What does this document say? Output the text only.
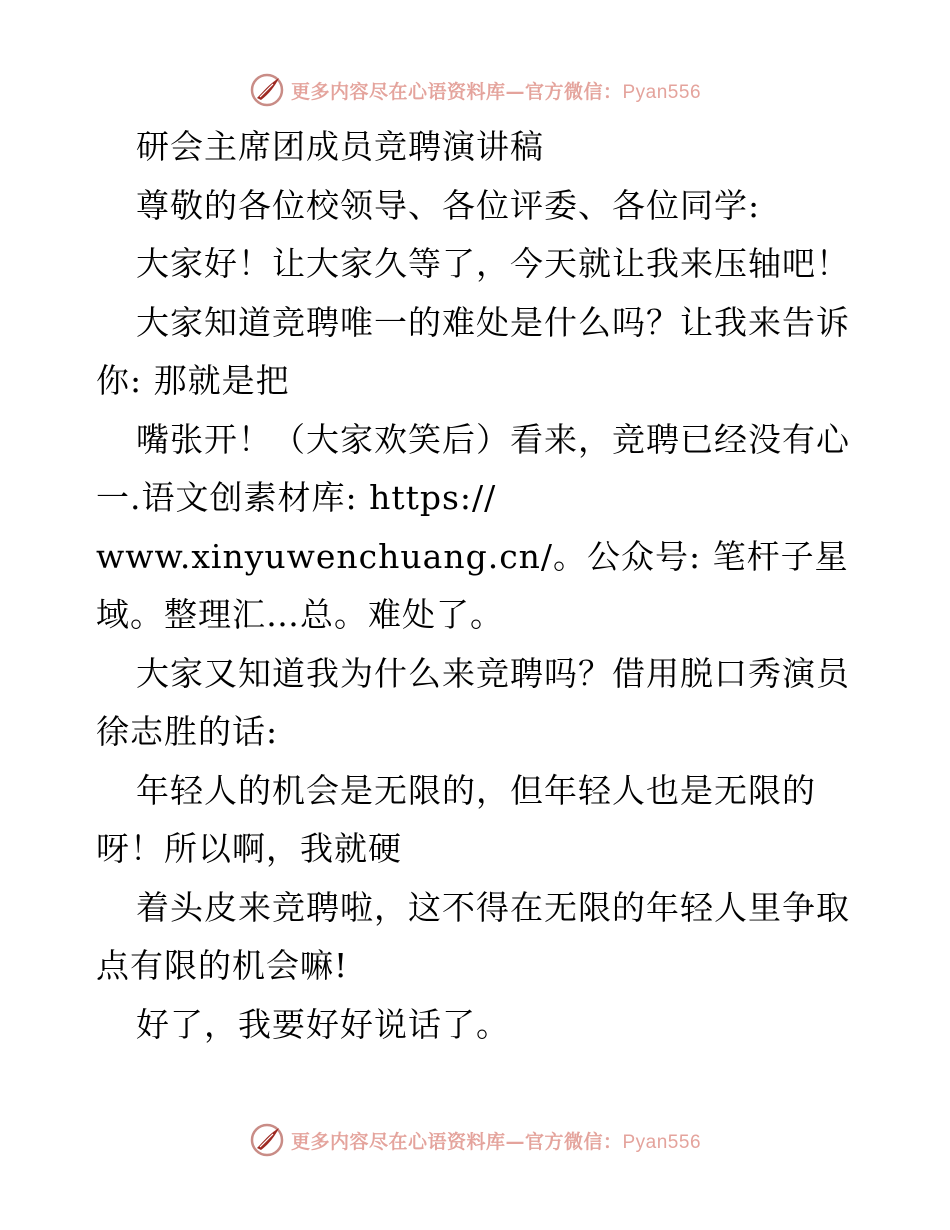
更多内容尽在心语资料库—官方微信：Pyan556

研会主席团成员竞聘演讲稿

尊敬的各位校领导、各位评委、各位同学:

大家好！让大家久等了，今天就让我来压轴吧！

大家知道竞聘唯一的难处是什么吗？让我来告诉你: 那就是把

嘴张开！（大家欢笑后）看来，竞聘已经没有心

一.语文创素材库: https://

www.xinyuwenchuang.cn/。公众号: 笔杆子星域。整理汇…总。难处了。

大家又知道我为什么来竞聘吗？借用脱口秀演员徐志胜的话:

年轻人的机会是无限的，但年轻人也是无限的呀！所以啊，我就硬

着头皮来竞聘啦，这不得在无限的年轻人里争取点有限的机会嘛!

好了，我要好好说话了。

更多内容尽在心语资料库—官方微信：Pyan556
